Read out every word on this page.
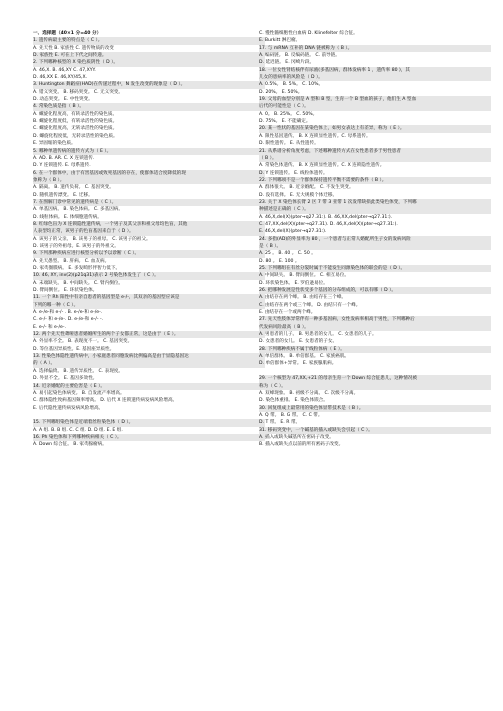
一、选择题（40×1 分=40 分）
1. 遗传病最主要的特点是（ C ）。
A. 先天性 B. 家族性 C. 遗传物质的改变
D. 家族性 E. 可在上下代之间传递。
2. 下列哪种核型的 X 染色质阴性（ D ）。
A. 46,X. B. 46,XY C. 47,XYY.
D. 46,XX E. 46,XY/45,X.
3. Huntington 舞蹈症(HAD)在传递过程中，N 发生改变的现象是（ D ）。
A. 错义突变。 B. 移码突变。 C. 无义突变。
D. 动态突变。 E. 中性突变。
4. 常染色质是指（ B ）。
A. 螺旋化程度高，有转录活性的染色质。
B. 螺旋化程度低，有转录活性的染色质。
C. 螺旋化程度高，无转录活性的染色质。
D. 螺旋化程度低，无转录活性的染色质。
E. 异固缩的染色质。
5. 哪种单遗传病的遗传方式为（ E ）。
A. AD. B. AR. C. X 连锁遗传.
D. Y 连锁遗传. E. 母系遗传.
6. 在一个群体中，由于有害基因或致死基因的存在，使群体适合度降低的现
象称为（ B ）。
A. 隔离。 B. 遗传负荷。 C. 基因突变。
D. 随机遗传漂变。 E. 迁移。
7. 在图解门诊中常见的遗传病是（ C ）。
A. 单基因病。 B. 染色体病。 C. 多基因病。
D. 线粒体病。 E. 体细胞遗传病。
8. 红绿色盲为 X 连锁隐性遗传病，一个男子及其父亲和祖父母均色盲，其他
人表型均正常，该男子的色盲基因来自于（ D ）。
A. 该男子的父亲。 B. 该男子的祖母。 C. 该男子的祖父。
D. 该男子的外祖母。E. 该男子的外祖父。
9. 下列那种疾病应进行核型分析以予以诊断（ C ）。
A. 先天愚型。 B. 肝病。 C. 血友病。
D. 家족圈膜病。 E. 多发畸形伴智力低下。
10. 46, XY, inv(2)(p21q31)表示 2 号染色体发生了（ C ）。
A. 末端缺失。 B. 中间缺失。 C. 臂内倒位。
D. 臂间倒位。 E. 环状染色体。
11. 一个 Rh 阳性中有亲自患者的基因型是 e-/-，其双亲的基因型应该是
下列的哪一种（ C ）。
A. e-/e-和 e-/- . B. e-/e-和 e-/e-.
C. e-/- 和 e-/e-. D. e-/e-和 e-/- -.
E. e-/- 和 e-/e-.
12. 两个先天性聋哑患者婚婚所生的两个子女都正常，这是由于（ E ）。
A. 外显率不全。 B. 表现度不一。 C. 基因突变。
D. 等位基因异质性。E. 基因座异质性。
13. 性染色体隐性遗传病中，小家庭患者同胞发病比例偏高是由于显隐基因达
的（ A ）。
A. 选择偏倚。 B. 遗传异质性。 C. 表现度。
D. 外显不全。 E. 基因多效性。
14. 近亲婚配的主要危害是（ E ）。
A. 易引起染色体病变。 B. 自发流产率增高。
C. 群体隐性致病基因频率增高。 D. 后代 X 连锁遗传病发病风险增高。
E. 后代隐性遗传病发病风险增高。

15. 下列哪组染色体是近端着丝粒染色体（ D ）。
A. A 组. B. B 组. C. C 组. D. D 组. E. E 组.
16. Ph 染色体和下列哪种疾病相关（ C ）。
A. Down 综合征。 B. 家족腺瘤病。
C. 慢性髓细胞性白血病 D. Klinefelter 综合征。
E. Burkitt 淋巴瘤。
17. 与 mRNA 互补的 DNA 链被称为（ B ）。
A. 编码链。 B. 反编码链。 C. 前导链。
D. 延迟链。 E. 冈崎片段。
18. 一位女性肾结核伴有尿液(多基因病，群体发病率 1 ，遗传率 80 )，其
儿女的患病率的风险是（ D ）。
A. 0.5%。 B. 5%。 C. 10%。
D. 20%。 E. 50%。
19. 父母的血型分别是 A 型和 B 型，生育一个 B 型血的孩子，他们生 A 型血
后代的可能性是（ C ）。
A. 0。 B. 25%。 C. 50%。
D. 75%。 E. 不能确定。
20. 某一性状的基因在某染色体上，如男女表达上有差异，称为（ E ）。
A. 限性基因遗传。 B. X 连锁显性遗传。C. 母系遗传。
D. 限性遗传。 E. 从性遗传。
21. 从系谱分析角度考虑，下述哪种遗传方式在女性患者多于男性患者
（ B ）。
A. 常染色体遗传。 B. X 连锁显性遗传。C. X 连锁隐性遗传。
D. Y 连锁遗传。 E. 线粒体遗传。
22. 下列哪项不是一个群体保持遗传平衡不需要的条件（ B ）。
A. 群体很大。 B. 近亲婚配。 C. 不发生突变。
D. 没有选择。 E. 无大规模个体迁移。
23. 关于 X 染色体长臂 2 区 7 带 3 亚带 1 次发带缺损此类染色体变，下列哪
种描述是正确的（ C ）。
A. 46,X,del(X)(pter→q27.31:). B. 46,XX,del(pter→q27.31:).
C. 47,XX,del(X)(pter→q27.31). D. 46,X,del(X)(pter→q27.31:).
E. 46,X,del(X)(pter→q27.31:).
24. 多指(AD)的外显率为 80 ，一个患者与正常人婚配所生子女的发病风险
是（ B ）。
A. 25 。 B. 40 。 C. 50 。
D. 80 。 E. 100 。
25. 下列哪组在有丝分裂时属于不能发生同源染色体的联会的是（ D ）。
A. 中间缺失。 B. 臂间倒位。 C. 相互易位。
D. 环状染色体。 E. 罗伯逊易位。
26. 把哪种发展是性状受多个基因的分布组成的，可以有哪（ D ）。
A. 由结存在两个峰。 B. 由结存在三个峰。
C. 由结存在两个或三个峰。 D. 由结只有一个峰。
E. 由结存在一个或两个峰。
27. 先天性肢体异常伴有一种多基因病，女性发病率相高于男性，下列哪种后
代发病风险最高（ B ）。
A. 男患者的儿子。 B. 男患者的女儿。 C. 女患者的儿子。
D. 女患者的女儿。 E. 女患者的子女。
28. 下列哪种疾病不属于线粒体病（ E ）。
A. 单倍群体。 B. 单倍群基。 C. 家族癌肌。
D. 单倍群体+异常。 E. 家族腺肌病。

29. 一个核型为 47,XX,+21 的母亲生育一个 Down 综合征患儿，这种情况被
称为（ C ）。
A. 双峰现象。 B. 初级不分离。 C. 次级不分离。
D. 染色体重排。 E. 染色体嵌合。
30. 回复组成上最常用的染色体显带技术是（ B ）。
A. Q 带。 B. G 带。 C. C 带。
D. T 带。 E. R 带。
31. 移码突变中，一个碱基的插入或缺失会引起（ C ）。
A. 插入或缺失碱基所在密码子改变。
B. 插入或缺失点以前的所有密码子改变。
